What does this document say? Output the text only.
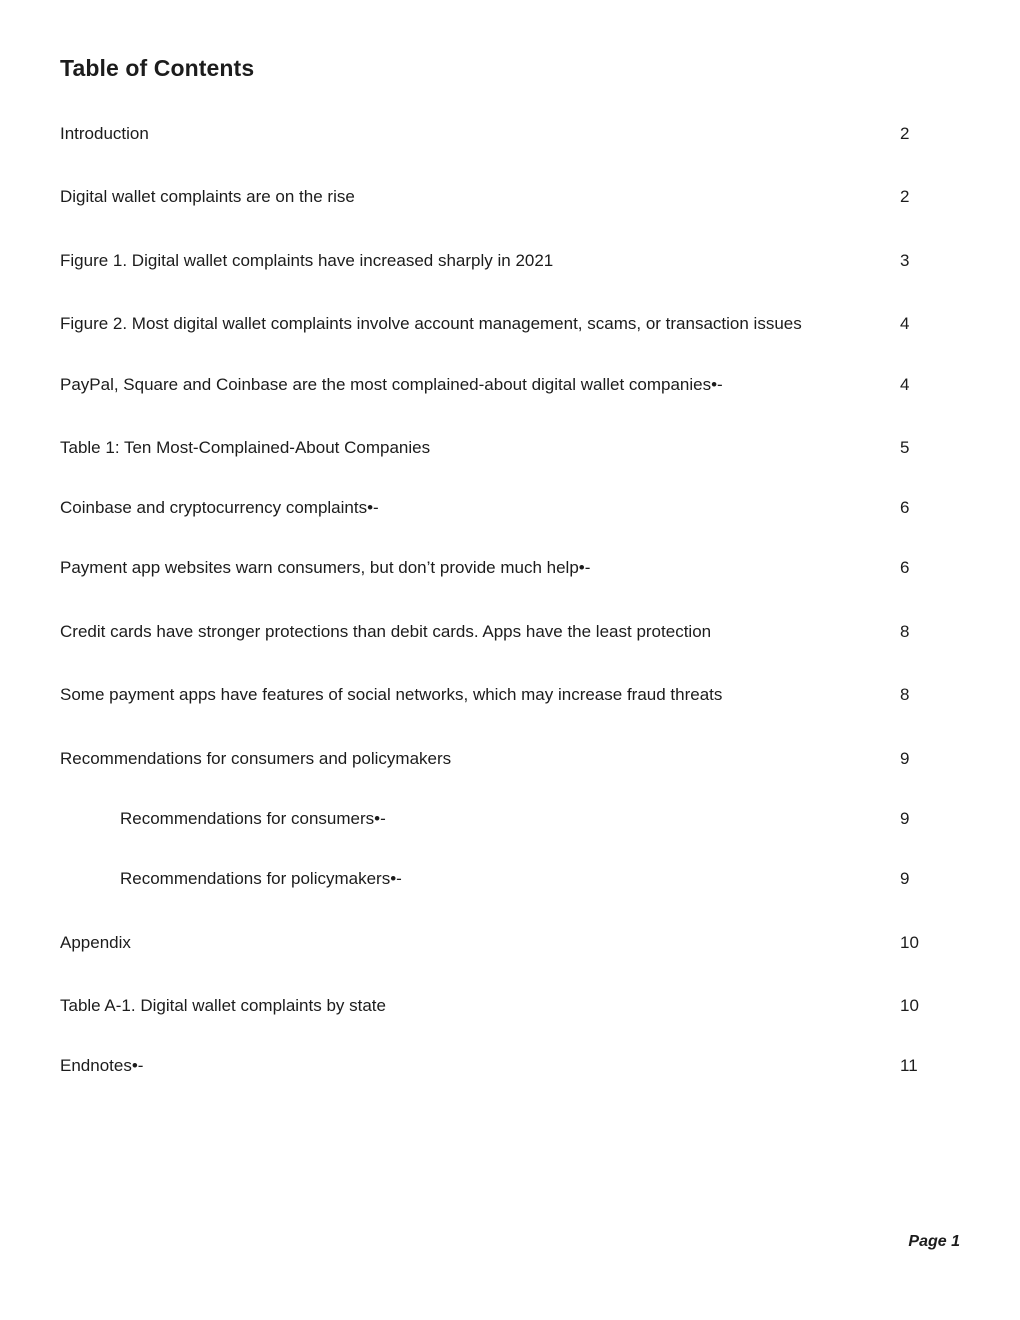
Table of Contents
Introduction	2
Digital wallet complaints are on the rise	2
Figure 1. Digital wallet complaints have increased sharply in 2021	3
Figure 2. Most digital wallet complaints involve account management, scams, or transaction issues	4
PayPal, Square and Coinbase are the most complained-about digital wallet companies•-	4
Table 1: Ten Most-Complained-About Companies	5
Coinbase and cryptocurrency complaints•-	6
Payment app websites warn consumers, but don’t provide much help•-	6
Credit cards have stronger protections than debit cards. Apps have the least protection	8
Some payment apps have features of social networks, which may increase fraud threats	8
Recommendations for consumers and policymakers	9
Recommendations for consumers•-	9
Recommendations for policymakers•-	9
Appendix	10
Table A-1. Digital wallet complaints by state	10
Endnotes•-	11
Page 1
